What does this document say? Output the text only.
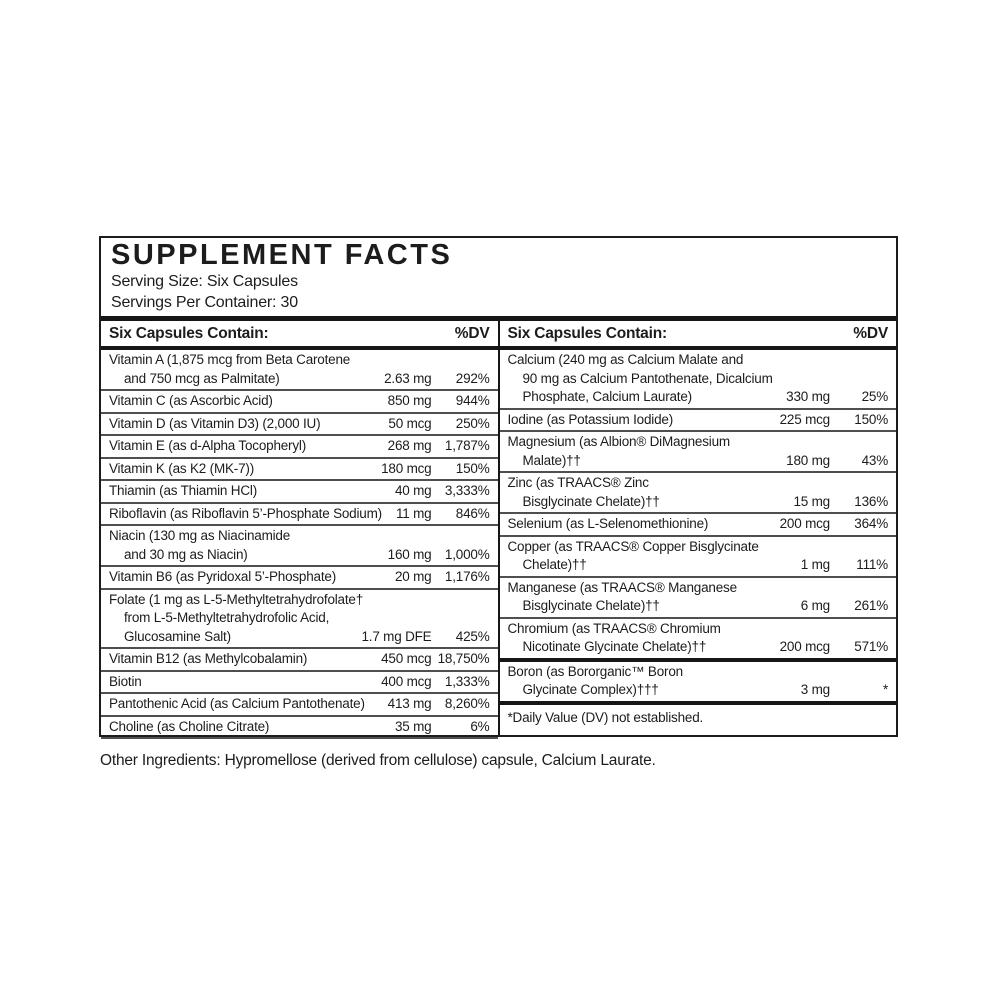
SUPPLEMENT FACTS
Serving Size: Six Capsules
Servings Per Container: 30
Six Capsules Contain:	%DV
Vitamin A (1,875 mcg from Beta Carotene
and 750 mcg as Palmitate)	2.63 mg	292%
Vitamin C (as Ascorbic Acid)	850 mg	944%
Vitamin D (as Vitamin D3) (2,000 IU)	50 mcg	250%
Vitamin E (as d-Alpha Tocopheryl)	268 mg 1,787%
Vitamin K (as K2 (MK-7))	180 mcg	150%
Thiamin (as Thiamin HCl)	40 mg 3,333%
Riboflavin (as Riboflavin 5’-Phosphate Sodium)	11 mg	846%
Niacin (130 mg as Niacinamide
and 30 mg as Niacin)	160 mg 1,000%
Vitamin B6 (as Pyridoxal 5’-Phosphate)	20 mg 1,176%
Folate (1 mg as L-5-Methyltetrahydrofolate†
from L-5-Methyltetrahydrofolic Acid,
Glucosamine Salt)	1.7 mg DFE	425%
Vitamin B12 (as Methylcobalamin)	450 mcg 18,750%
Biotin	400 mcg 1,333%
Pantothenic Acid (as Calcium Pantothenate)	413 mg 8,260%
Choline (as Choline Citrate)	35 mg	6%
Six Capsules Contain:	%DV
Calcium (240 mg as Calcium Malate and
90 mg as Calcium Pantothenate, Dicalcium
Phosphate, Calcium Laurate)	330 mg	25%
Iodine (as Potassium Iodide)	225 mcg	150%
Magnesium (as Albion® DiMagnesium
Malate)††	180 mg	43%
Zinc (as TRAACS® Zinc
Bisglycinate Chelate)††	15 mg	136%
Selenium (as L-Selenomethionine)	200 mcg	364%
Copper (as TRAACS® Copper Bisglycinate
Chelate)††	1 mg	111%
Manganese (as TRAACS® Manganese
Bisglycinate Chelate)††	6 mg	261%
Chromium (as TRAACS® Chromium
Nicotinate Glycinate Chelate)††	200 mcg	571%
Boron (as Bororganic™ Boron
Glycinate Complex)†††	3 mg	*
*Daily Value (DV) not established.
Other Ingredients: Hypromellose (derived from cellulose) capsule, Calcium Laurate.
